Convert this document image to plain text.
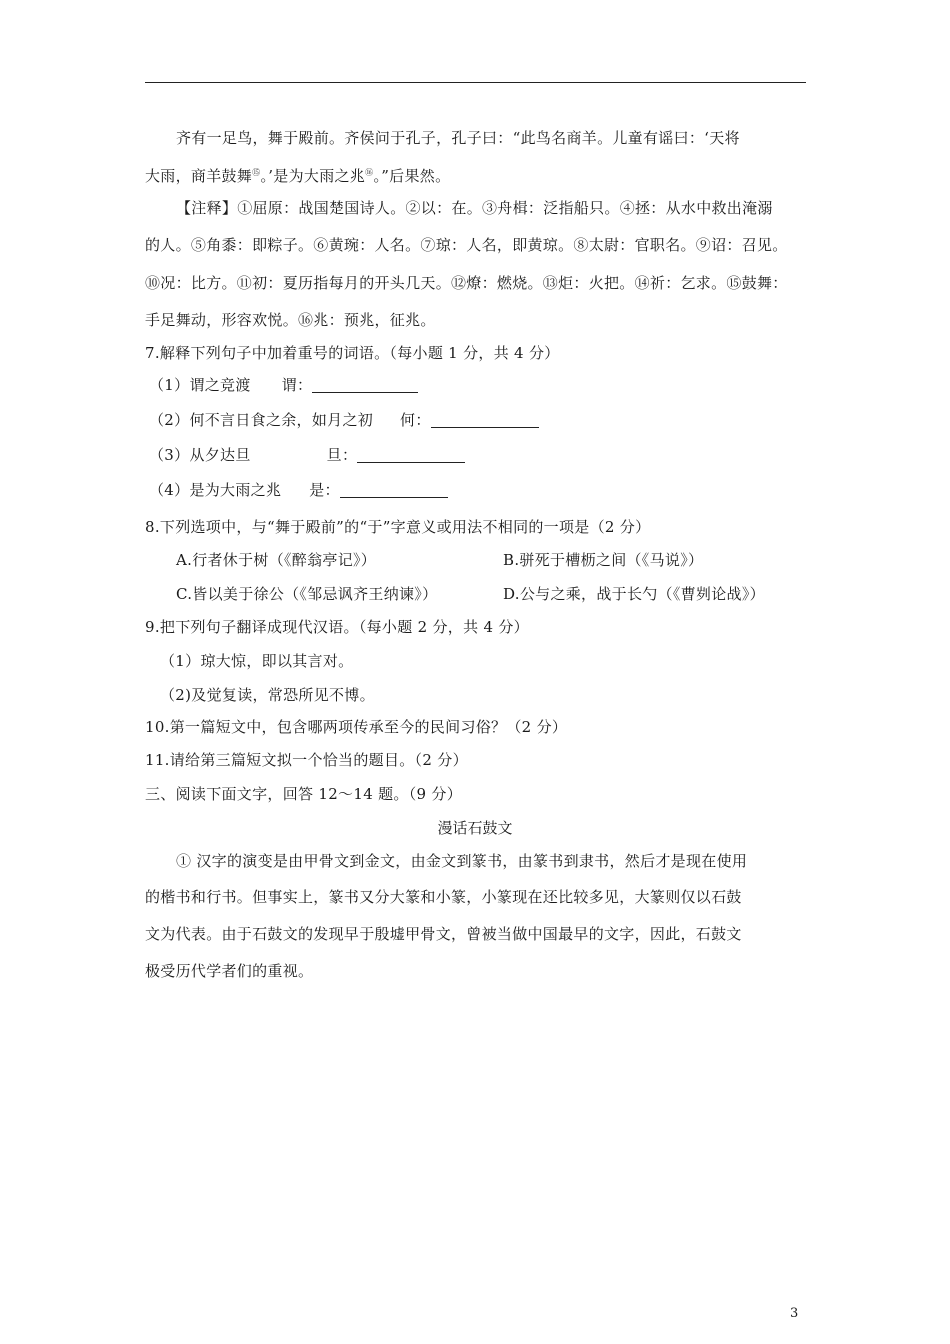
齐有一足鸟，舞于殿前。齐侯问于孔子，孔子曰：“此鸟名商羊。儿童有谣曰：‘天将
大雨，商羊鼓舞⑮。’是为大雨之兆⑯。”后果然。
【注释】①屈原：战国楚国诗人。②以：在。③舟楫：泛指船只。④拯：从水中救出淹溺
的人。⑤角黍：即粽子。⑥黄琬：人名。⑦琼：人名，即黄琼。⑧太尉：官职名。⑨诏：召见。
⑩况：比方。⑪初：夏历指每月的开头几天。⑫燎：燃烧。⑬炬：火把。⑭祈：乞求。⑮鼓舞：
手足舞动，形容欢悦。⑯兆：预兆，征兆。
7.解释下列句子中加着重号的词语。（每小题 1 分，共 4 分）
（1）谓之竞渡 谓：
（2）何不言日食之余，如月之初 何：
（3）从夕达旦	旦：
（4）是为大雨之兆 是：
8.下列选项中，与“舞于殿前”的“于”字意义或用法不相同的一项是（2 分）
A.行者休于树（《醉翁亭记》）	B.骈死于槽枥之间（《马说》）
C.皆以美于徐公（《邹忌讽齐王纳谏》）	D.公与之乘，战于长勺（《曹刿论战》）
9.把下列句子翻译成现代汉语。（每小题 2 分，共 4 分）
（1）琼大惊，即以其言对。
（2)及觉复读，常恐所见不博。
10.第一篇短文中，包含哪两项传承至今的民间习俗？（2 分）
11.请给第三篇短文拟一个恰当的题目。（2 分）
三、阅读下面文字，回答 12～14 题。（9 分）
漫话石鼓文
① 汉字的演变是由甲骨文到金文，由金文到篆书，由篆书到隶书，然后才是现在使用
的楷书和行书。但事实上，篆书又分大篆和小篆，小篆现在还比较多见，大篆则仅以石鼓
文为代表。由于石鼓文的发现早于殷墟甲骨文，曾被当做中国最早的文字，因此，石鼓文
极受历代学者们的重视。
3
